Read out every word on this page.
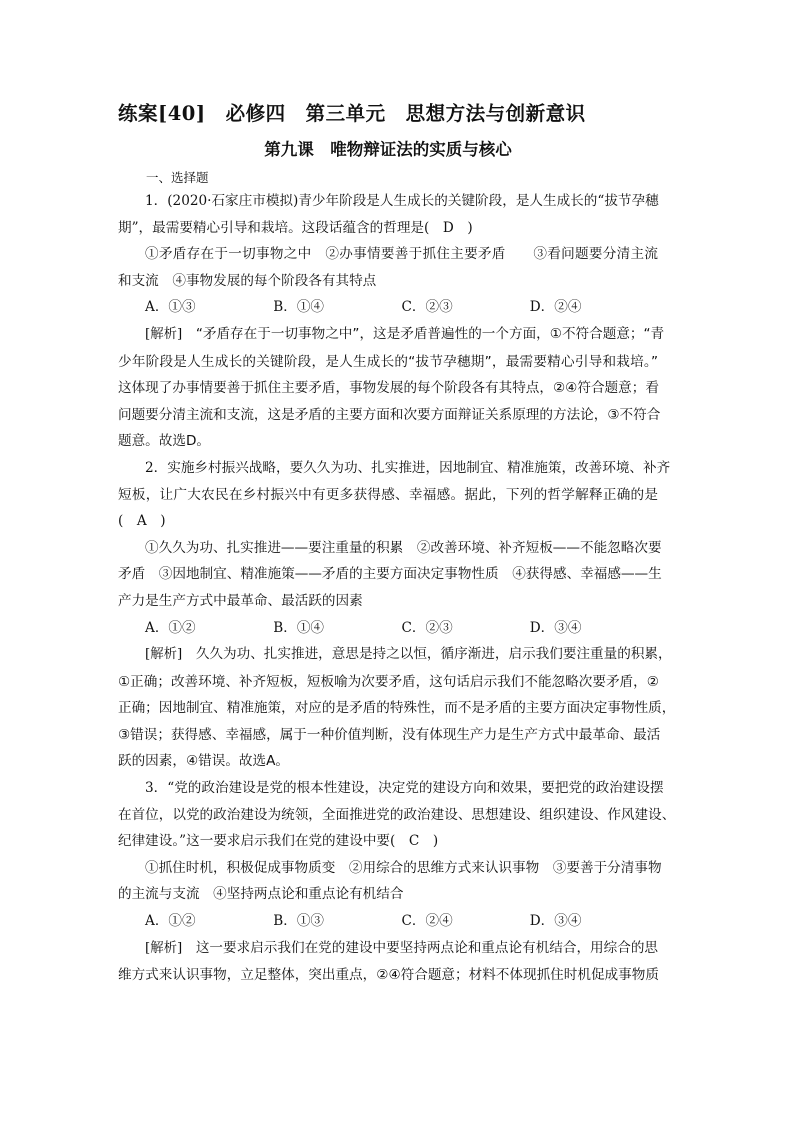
练案[40]　必修四　第三单元　思想方法与创新意识
第九课　唯物辩证法的实质与核心
一、选择题

1．(2020·石家庄市模拟)青少年阶段是人生成长的关键阶段，是人生成长的“拔节孕穗

期”，最需要精心引导和栽培。这段话蕴含的哲理是(　D　)

①矛盾存在于一切事物之中　②办事情要善于抓住主要矛盾　　③看问题要分清主流

和支流　④事物发展的每个阶段各有其特点

A．①③	B．①④	C．②③	D．②④

[解析]　“矛盾存在于一切事物之中”，这是矛盾普遍性的一个方面，①不符合题意；“青

少年阶段是人生成长的关键阶段，是人生成长的“拔节孕穗期”，最需要精心引导和栽培。”

这体现了办事情要善于抓住主要矛盾，事物发展的每个阶段各有其特点，②④符合题意；看

问题要分清主流和支流，这是矛盾的主要方面和次要方面辩证关系原理的方法论，③不符合

题意。故选D。

2．实施乡村振兴战略，要久久为功、扎实推进，因地制宜、精准施策，改善环境、补齐

短板，让广大农民在乡村振兴中有更多获得感、幸福感。据此，下列的哲学解释正确的是

(　A　)

①久久为功、扎实推进——要注重量的积累　②改善环境、补齐短板——不能忽略次要

矛盾　③因地制宜、精准施策——矛盾的主要方面决定事物性质　④获得感、幸福感——生

产力是生产方式中最革命、最活跃的因素

A．①②	B．①④	C．②③	D．③④

[解析]　久久为功、扎实推进，意思是持之以恒，循序渐进，启示我们要注重量的积累，

①正确；改善环境、补齐短板，短板喻为次要矛盾，这句话启示我们不能忽略次要矛盾，②

正确；因地制宜、精准施策，对应的是矛盾的特殊性，而不是矛盾的主要方面决定事物性质，

③错误；获得感、幸福感，属于一种价值判断，没有体现生产力是生产方式中最革命、最活

跃的因素，④错误。故选A。

3．“党的政治建设是党的根本性建设，决定党的建设方向和效果，要把党的政治建设摆

在首位，以党的政治建设为统领，全面推进党的政治建设、思想建设、组织建设、作风建设、

纪律建设。”这一要求启示我们在党的建设中要(　C　)

①抓住时机，积极促成事物质变　②用综合的思维方式来认识事物　③要善于分清事物

的主流与支流　④坚持两点论和重点论有机结合

A．①②	B．①③	C．②④	D．③④

[解析]　这一要求启示我们在党的建设中要坚持两点论和重点论有机结合，用综合的思

维方式来认识事物，立足整体，突出重点，②④符合题意；材料不体现抓住时机促成事物质
